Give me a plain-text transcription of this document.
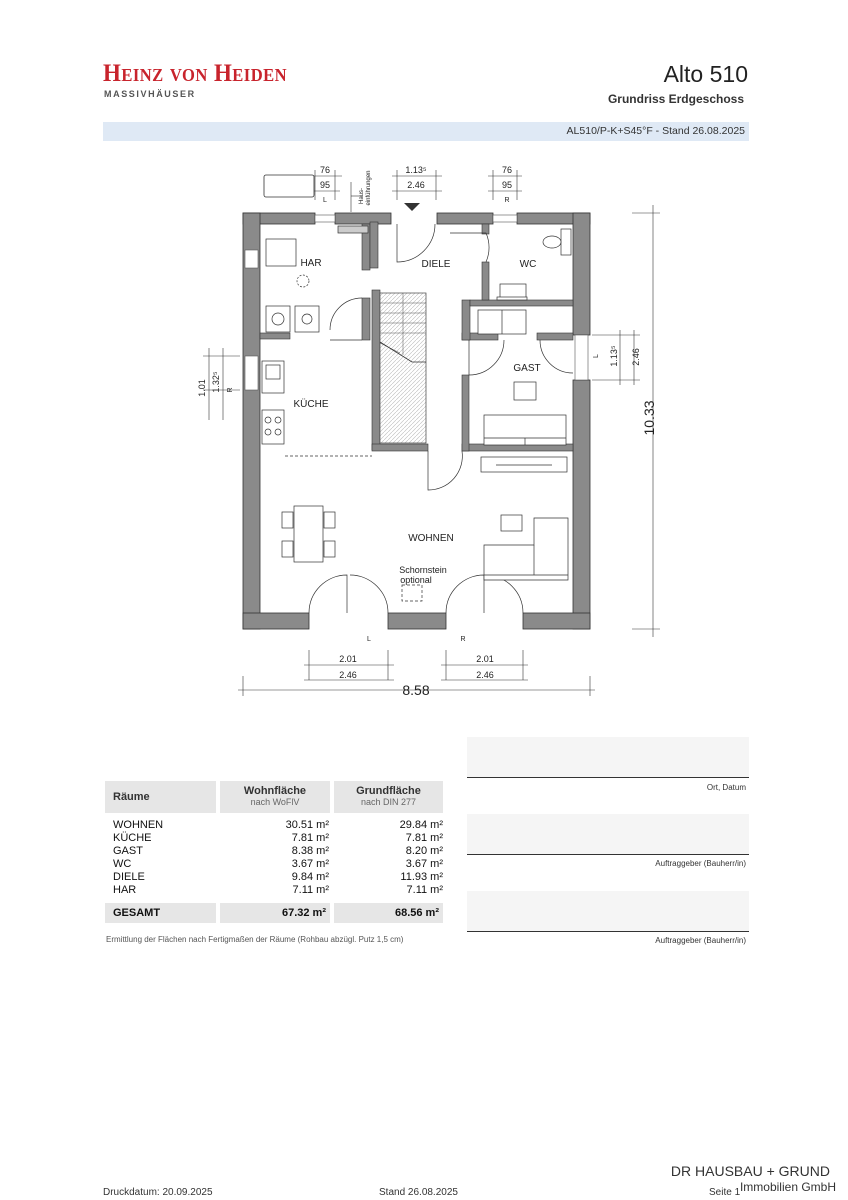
Heinz von Heiden
MASSIVHÄUSER
Alto 510
Grundriss Erdgeschoss
AL510/P-K+S45°F - Stand 26.08.2025
HAR	DIELE	WC
GAST
KÜCHE
WOHNEN
Schornstein
optional
76
95
L
1.13⁵
2.46
76
95
R
Haus- einführungen
1.01 1.32⁵ R
1.13⁵ 2.46
L
10.33
L	R
2.01
2.46
2.01
2.46
8.58
Räume	Wohnfläche
nach WoFlV
Grundfläche
nach DIN 277
WOHNEN	30.51 m²	29.84 m²
KÜCHE	7.81 m²	7.81 m²
GAST	8.38 m²	8.20 m²
WC	3.67 m²	3.67 m²
DIELE	9.84 m²	11.93 m²
HAR	7.11 m²	7.11 m²
GESAMT	67.32 m²	68.56 m²
Ermittlung der Flächen nach Fertigmaßen der Räume (Rohbau abzügl. Putz 1,5 cm)
Ort, Datum
Auftraggeber (Bauherr/in)
Auftraggeber (Bauherr/in)
Druckdatum: 20.09.2025	Stand 26.08.2025	Seite 1
DR HAUSBAU + GRUND
Immobilien GmbH
